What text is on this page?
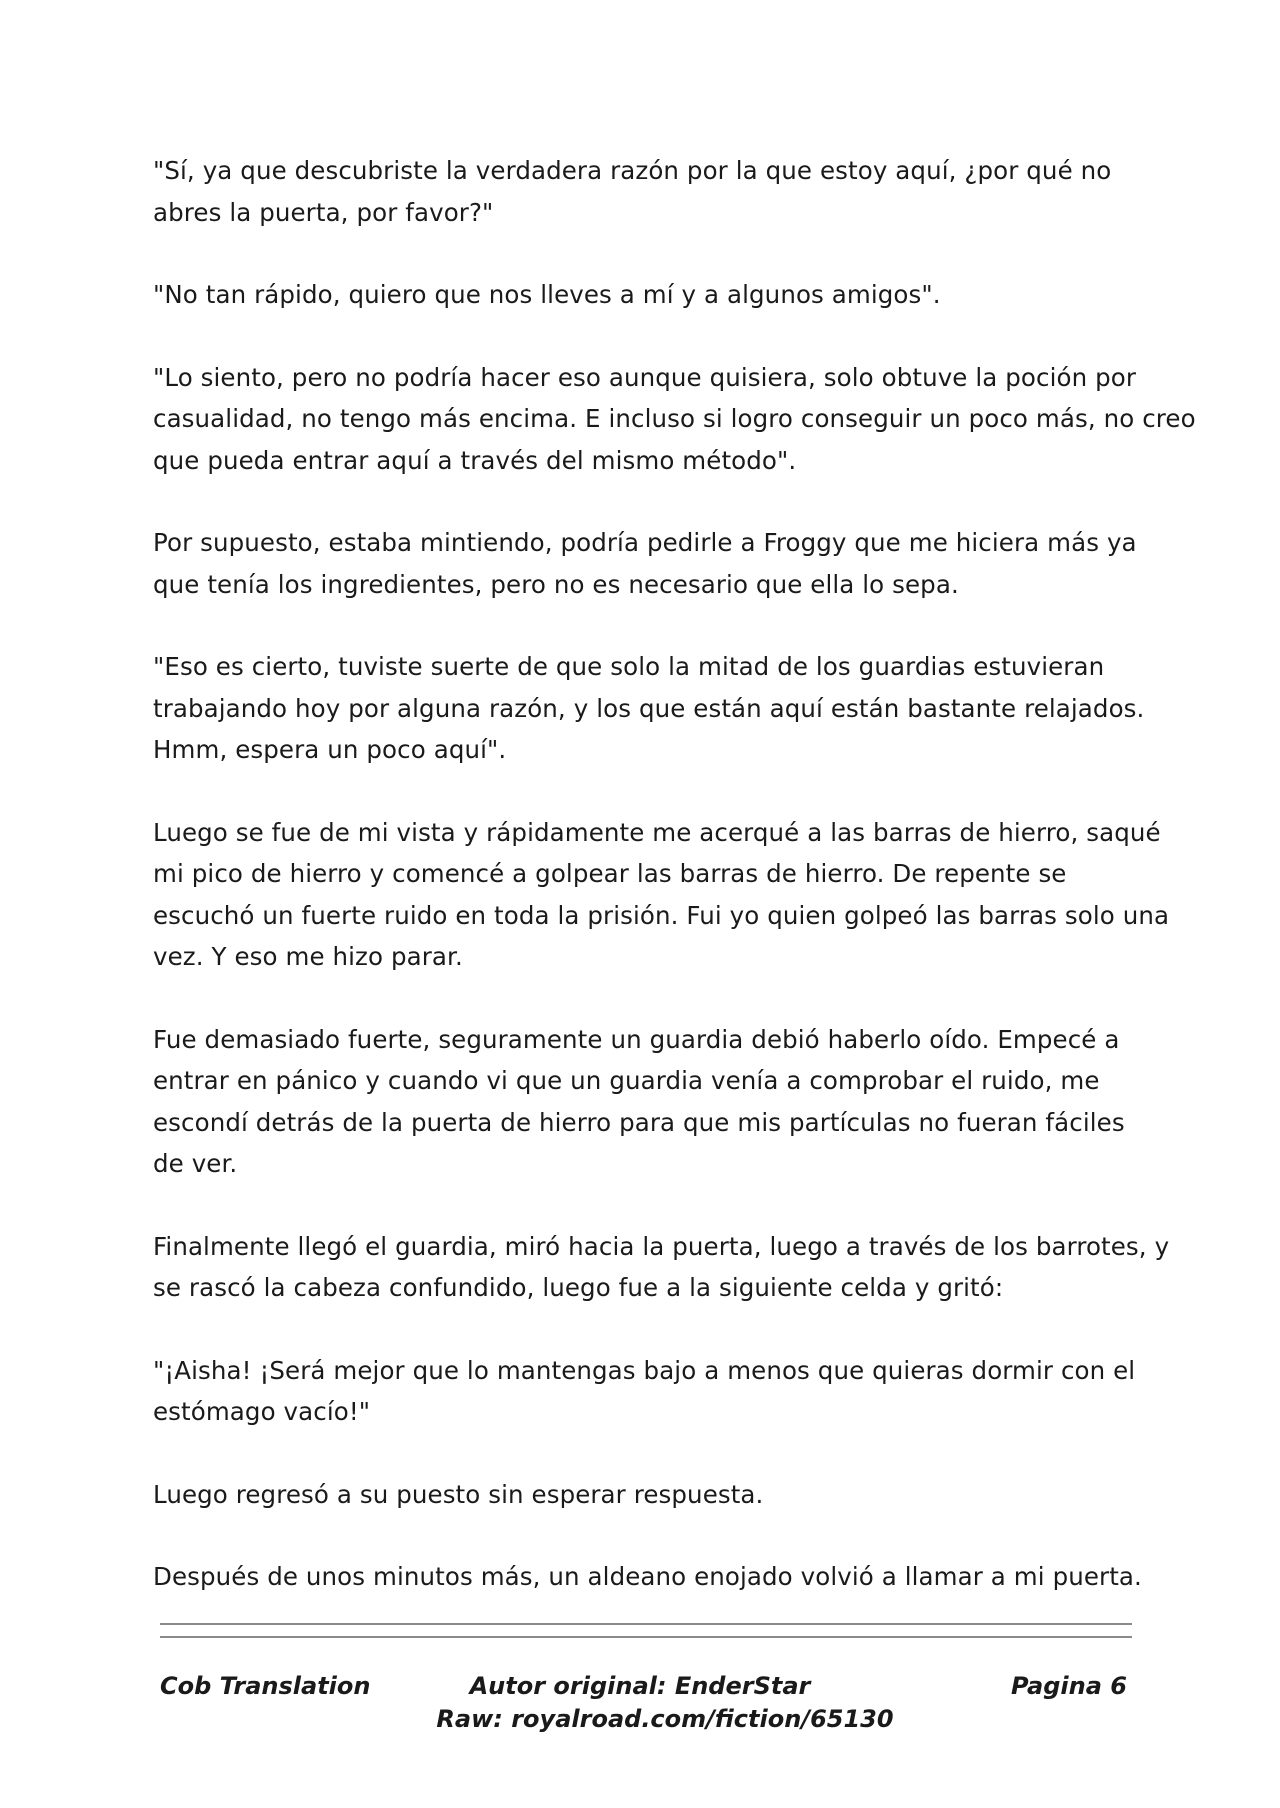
"Sí, ya que descubriste la verdadera razón por la que estoy aquí, ¿por qué no
abres la puerta, por favor?"

"No tan rápido, quiero que nos lleves a mí y a algunos amigos".

"Lo siento, pero no podría hacer eso aunque quisiera, solo obtuve la poción por
casualidad, no tengo más encima. E incluso si logro conseguir un poco más, no creo
que pueda entrar aquí a través del mismo método".

Por supuesto, estaba mintiendo, podría pedirle a Froggy que me hiciera más ya
que tenía los ingredientes, pero no es necesario que ella lo sepa.

"Eso es cierto, tuviste suerte de que solo la mitad de los guardias estuvieran
trabajando hoy por alguna razón, y los que están aquí están bastante relajados.
Hmm, espera un poco aquí".

Luego se fue de mi vista y rápidamente me acerqué a las barras de hierro, saqué
mi pico de hierro y comencé a golpear las barras de hierro. De repente se
escuchó un fuerte ruido en toda la prisión. Fui yo quien golpeó las barras solo una
vez. Y eso me hizo parar.

Fue demasiado fuerte, seguramente un guardia debió haberlo oído. Empecé a
entrar en pánico y cuando vi que un guardia venía a comprobar el ruido, me
escondí detrás de la puerta de hierro para que mis partículas no fueran fáciles
de ver.

Finalmente llegó el guardia, miró hacia la puerta, luego a través de los barrotes, y
se rascó la cabeza confundido, luego fue a la siguiente celda y gritó:

"¡Aisha! ¡Será mejor que lo mantengas bajo a menos que quieras dormir con el
estómago vacío!"

Luego regresó a su puesto sin esperar respuesta.

Después de unos minutos más, un aldeano enojado volvió a llamar a mi puerta.

Cob Translation	Autor original: EnderStar
Raw: royalroad.com/fiction/65130
Pagina 6
